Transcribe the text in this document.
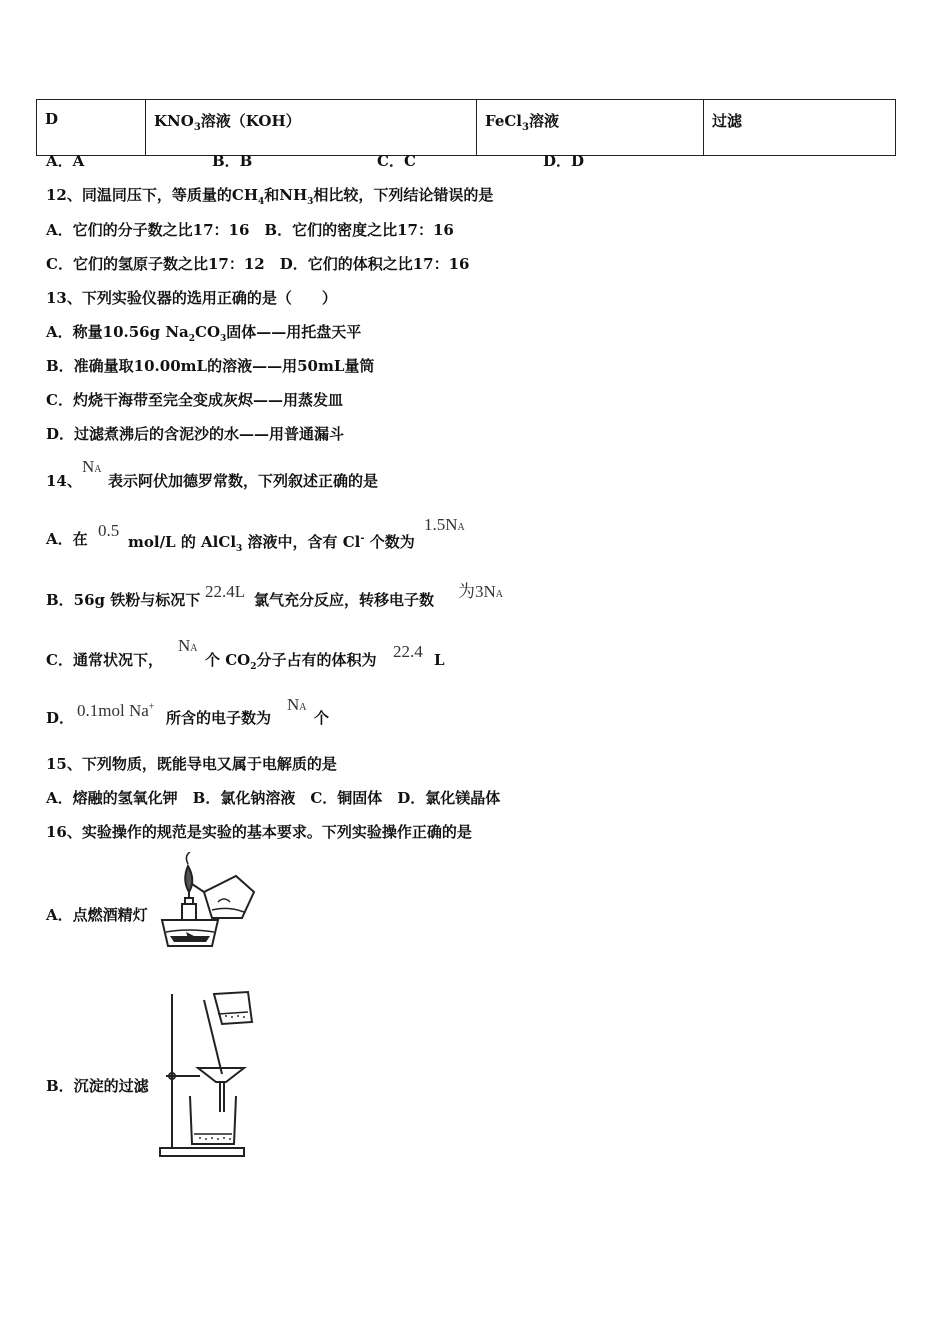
D	$KNO_3$溶液（KOH）	FeCl$_3$溶液	过滤
A．A	B．B	C．C	D．D
12、同温同压下，等质量的$CH_4$和$NH_3$相比较，下列结论错误的是
A．它们的分子数之比17：16　B．它们的密度之比17：16
C．它们的氢原子数之比17：12　D．它们的体积之比17：16
13、下列实验仪器的选用正确的是（　　）
A．称量10.56g $Na_2CO_3$固体——用托盘天平
B．准确量取10.00mL的溶液——用50mL量筒
C．灼烧干海带至完全变成灰烬——用蒸发皿
D．过滤煮沸后的含泥沙的水——用普通漏斗
14、
NA
表示阿伏加德罗常数，下列叙述正确的是
A．在 0.5
mol/L 的 AlCl$_3$ 溶液中，含有 Cl- 个数为
1.5NA
B．56g 铁粉与标况下 22.4L 氯气充分反应，转移电子数 为3NA
C．通常状况下，
NA
个 $CO_2$分子占有的体积为 22.4 L
D． 0.1mol Na+
所含的电子数为
NA
个
15、下列物质，既能导电又属于电解质的是
A．熔融的氢氧化钾　B．氯化钠溶液　C．铜固体　D．氯化镁晶体
16、实验操作的规范是实验的基本要求。下列实验操作正确的是
A．点燃酒精灯
B．沉淀的过滤
